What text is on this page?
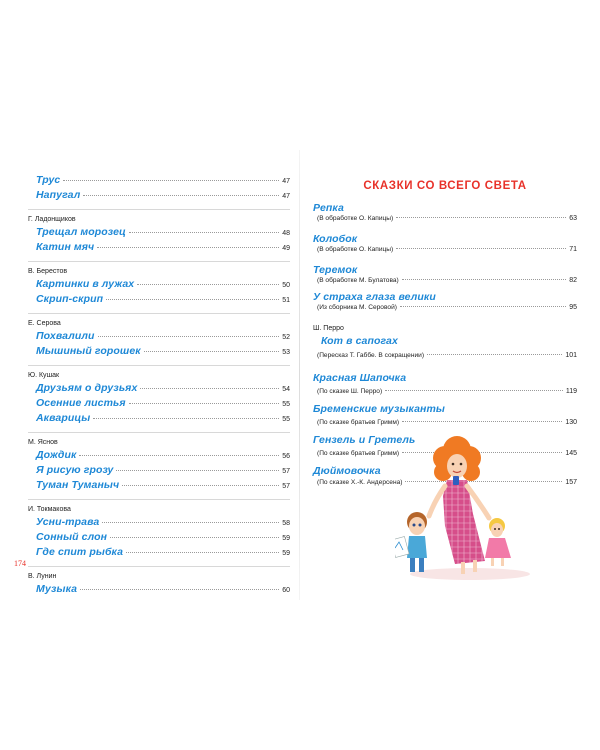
Трус	47
Напугал	47
Г. Ладонщиков
Трещал морозец	48
Катин мяч	49
В. Берестов
Картинки в лужах	50
Скрип-скрип	51
Е. Серова
Похвалили	52
Мышиный горошек	53
Ю. Кушак
Друзьям о друзьях	54
Осенние листья	55
Акварицы	55
М. Яснов
Дождик	56
Я рисую грозу	57
Туман Туманыч	57
И. Токмакова
Усни-трава	58
Сонный слон	59
Где спит рыбка	59
В. Лунин
Музыка	60
174
СКАЗКИ СО ВСЕГО СВЕТА
Репка
(В обработке О. Капицы)	63
Колобок
(В обработке О. Капицы)	71
Теремок
(В обработке М. Булатова)	82
У страха глаза велики
(Из сборника М. Серовой)	95
Ш. Перро
Кот в сапогах
(Пересказ Т. Габбе. В сокращении)	101
Красная Шапочка
(По сказке Ш. Перро)	119
Бременские музыканты
(По сказке братьев Гримм)	130
Гензель и Гретель
(По сказке братьев Гримм)	145
Дюймовочка
(По сказке Х.-К. Андерсена)	157
